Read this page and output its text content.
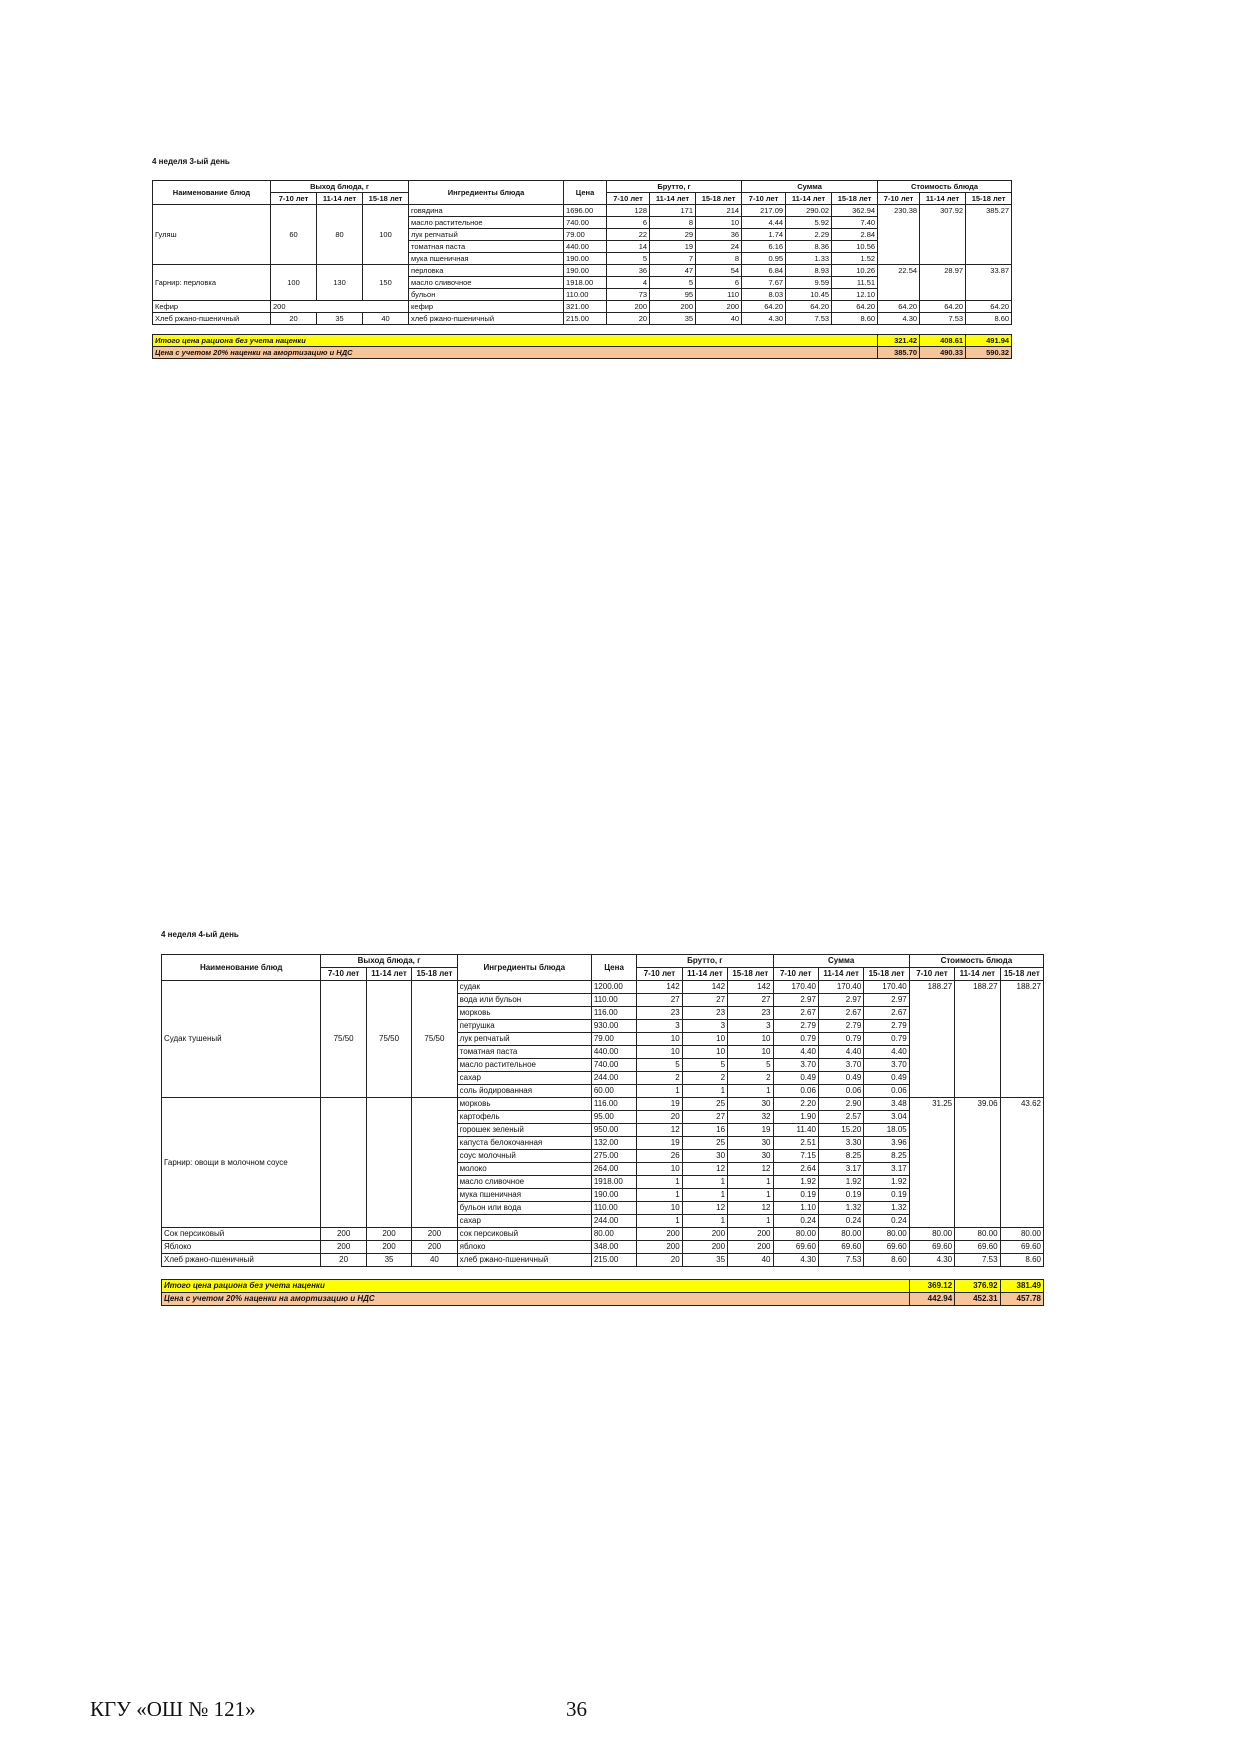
4 неделя 3-ый день
Наименование блюд	Выход блюда, г			Ингредиенты блюда	Цена	Брутто, г			Сумма			Стоимость блюда		
	7-10 лет	11-14 лет	15-18 лет			7-10 лет	11-14 лет	15-18 лет	7-10 лет	11-14 лет	15-18 лет	7-10 лет	11-14 лет	15-18 лет
Гуляш	60	80	100	говядина	1696.00	128	171	214	217.09	290.02	362.94	230.38	307.92	385.27
				масло растительное	740.00	6	8	10	4.44	5.92	7.40			
				лук репчатый	79.00	22	29	36	1.74	2.29	2.84			
				томатная паста	440.00	14	19	24	6.16	8.36	10.56			
				мука пшеничная	190.00	5	7	8	0.95	1.33	1.52			
Гарнир: перловка	100	130	150	перловка	190.00	36	47	54	6.84	8.93	10.26	22.54	28.97	33.87
				масло сливочное	1918.00	4	5	6	7.67	9.59	11.51			
				бульон	110.00	73	95	110	8.03	10.45	12.10			
Кефир	200			кефир	321.00	200	200	200	64.20	64.20	64.20	64.20	64.20	64.20
Хлеб ржано-пшеничный	20	35	40	хлеб ржано-пшеничный	215.00	20	35	40	4.30	7.53	8.60	4.30	7.53	8.60

Итого цена рациона без учета наценки												321.42	408.61	491.94
Цена с учетом 20% наценки на амортизацию и НДС												385.70	490.33	590.32
4 неделя 4-ый день
Наименование блюд	Выход блюда, г			Ингредиенты блюда	Цена	Брутто, г			Сумма			Стоимость блюда		
	7-10 лет	11-14 лет	15-18 лет			7-10 лет	11-14 лет	15-18 лет	7-10 лет	11-14 лет	15-18 лет	7-10 лет	11-14 лет	15-18 лет
Судак тушеный	75/50	75/50	75/50	судак	1200.00	142	142	142	170.40	170.40	170.40	188.27	188.27	188.27
				вода или бульон	110.00	27	27	27	2.97	2.97	2.97			
				морковь	116.00	23	23	23	2.67	2.67	2.67			
				петрушка	930.00	3	3	3	2.79	2.79	2.79			
				лук репчатый	79.00	10	10	10	0.79	0.79	0.79			
				томатная паста	440.00	10	10	10	4.40	4.40	4.40			
				масло растительное	740.00	5	5	5	3.70	3.70	3.70			
				сахар	244.00	2	2	2	0.49	0.49	0.49			
				соль йодированная	60.00	1	1	1	0.06	0.06	0.06			
Гарнир: овощи в молочном соусе				морковь	116.00	19	25	30	2.20	2.90	3.48	31.25	39.06	43.62
				картофель	95.00	20	27	32	1.90	2.57	3.04			
				горошек зеленый	950.00	12	16	19	11.40	15.20	18.05			
				капуста белокочанная	132.00	19	25	30	2.51	3.30	3.96			
				соус молочный	275.00	26	30	30	7.15	8.25	8.25			
				молоко	264.00	10	12	12	2.64	3.17	3.17			
				масло сливочное	1918.00	1	1	1	1.92	1.92	1.92			
				мука пшеничная	190.00	1	1	1	0.19	0.19	0.19			
				бульон или вода	110.00	10	12	12	1.10	1.32	1.32			
				сахар	244.00	1	1	1	0.24	0.24	0.24			
Сок персиковый	200	200	200	сок персиковый	80.00	200	200	200	80.00	80.00	80.00	80.00	80.00	80.00
Яблоко	200	200	200	яблоко	348.00	200	200	200	69.60	69.60	69.60	69.60	69.60	69.60
Хлеб ржано-пшеничный	20	35	40	хлеб ржано-пшеничный	215.00	20	35	40	4.30	7.53	8.60	4.30	7.53	8.60

Итого цена рациона без учета наценки												369.12	376.92	381.49
Цена с учетом 20% наценки на амортизацию и НДС												442.94	452.31	457.78
КГУ «ОШ № 121»	36
